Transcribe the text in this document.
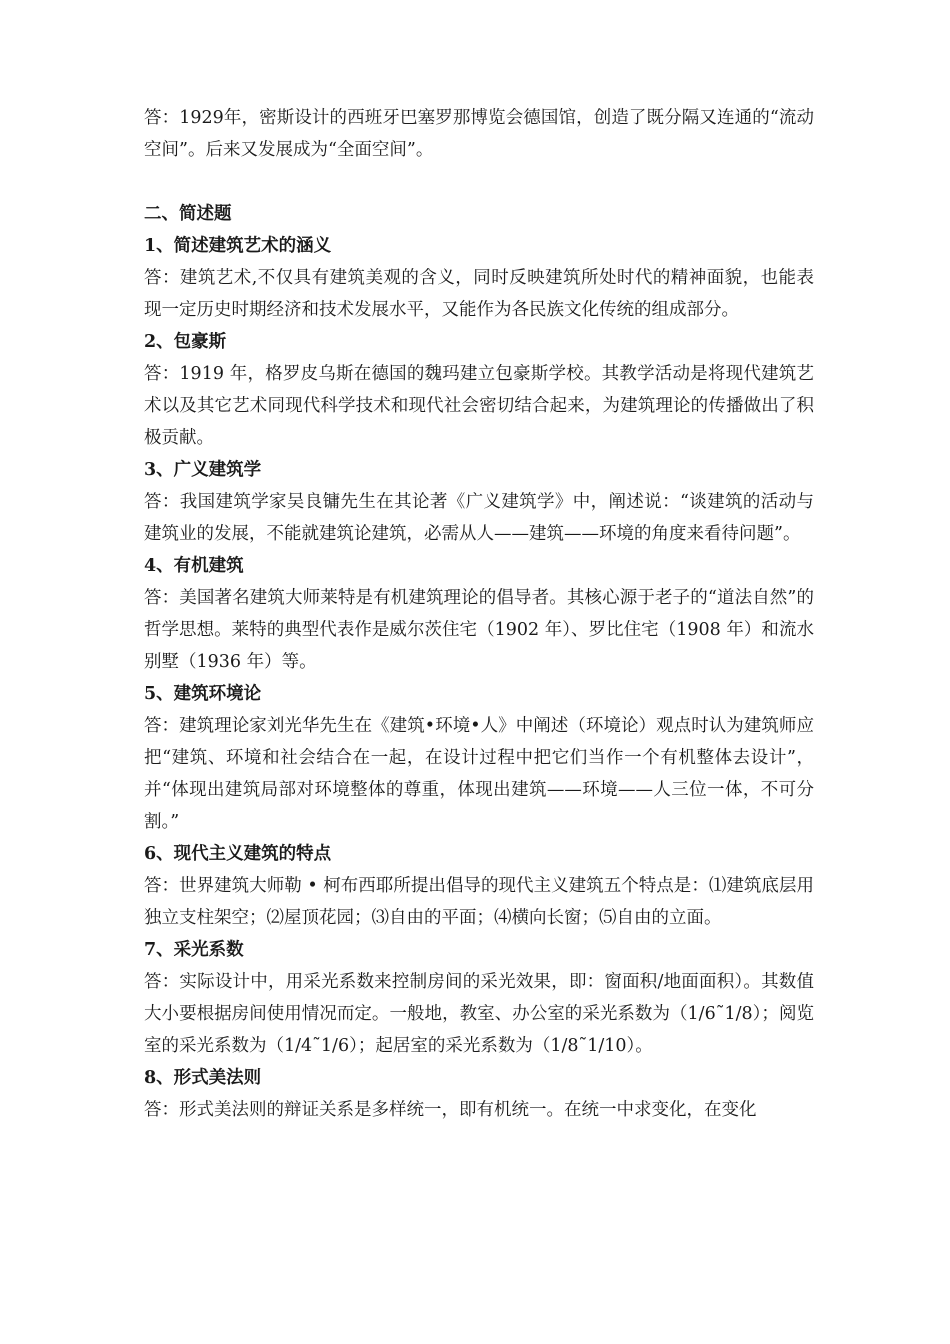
答：1929年，密斯设计的西班牙巴塞罗那博览会德国馆，创造了既分隔又连通的“流动空间”。后来又发展成为“全面空间”。

二、简述题

1、简述建筑艺术的涵义

答：建筑艺术,不仅具有建筑美观的含义，同时反映建筑所处时代的精神面貌，也能表现一定历史时期经济和技术发展水平，又能作为各民族文化传统的组成部分。

2、包豪斯

答：1919 年，格罗皮乌斯在德国的魏玛建立包豪斯学校。其教学活动是将现代建筑艺术以及其它艺术同现代科学技术和现代社会密切结合起来，为建筑理论的传播做出了积极贡献。

3、广义建筑学

答：我国建筑学家吴良镛先生在其论著《广义建筑学》中，阐述说：“谈建筑的活动与建筑业的发展，不能就建筑论建筑，必需从人——建筑——环境的角度来看待问题”。

4、有机建筑

答：美国著名建筑大师莱特是有机建筑理论的倡导者。其核心源于老子的“道法自然”的哲学思想。莱特的典型代表作是威尔茨住宅（1902 年）、罗比住宅（1908 年）和流水别墅（1936 年）等。

5、建筑环境论

答：建筑理论家刘光华先生在《建筑•环境•人》中阐述（环境论）观点时认为建筑师应把“建筑、环境和社会结合在一起，在设计过程中把它们当作一个有机整体去设计”，并“体现出建筑局部对环境整体的尊重，体现出建筑——环境——人三位一体，不可分割。”

6、现代主义建筑的特点

答：世界建筑大师勒 • 柯布西耶所提出倡导的现代主义建筑五个特点是：⑴建筑底层用独立支柱架空；⑵屋顶花园；⑶自由的平面；⑷横向长窗；⑸自由的立面。

7、采光系数

答：实际设计中，用采光系数来控制房间的采光效果，即：窗面积/地面面积）。其数值大小要根据房间使用情况而定。一般地，教室、办公室的采光系数为（1/6˜1/8）；阅览室的采光系数为（1/4˜1/6）；起居室的采光系数为（1/8˜1/10）。

8、形式美法则

答：形式美法则的辩证关系是多样统一，即有机统一。在统一中求变化，在变化
